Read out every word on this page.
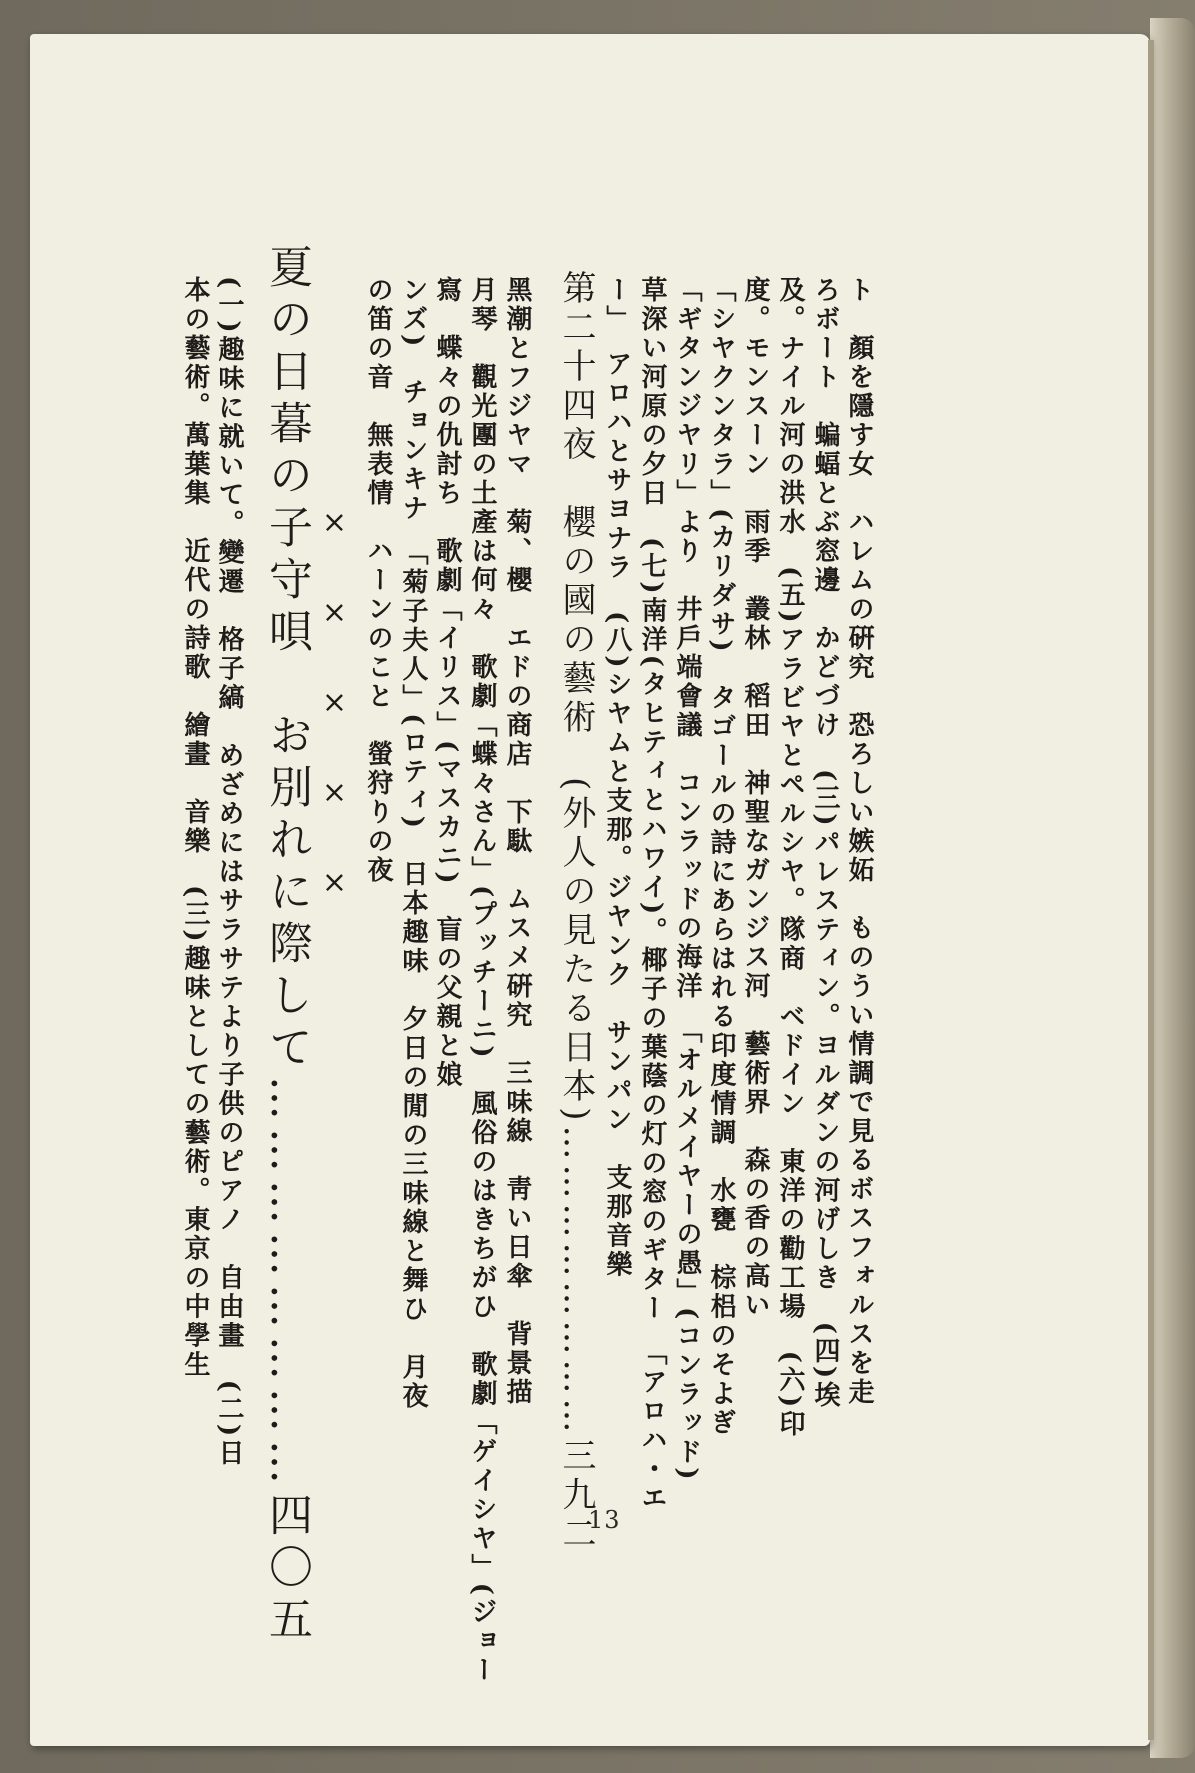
ト　顏を隱す女　ハレムの硏究　恐ろしい嫉妬　ものうい情調で見るボスフォルスを走
ろボート　蝙蝠とぶ窓邊　かどづけ　(三)パレスティン。ヨルダンの河げしき　(四)埃
及。ナイル河の洪水　(五)アラビヤとペルシヤ。隊商　ベドイン　東洋の勸工場　(六)印
度。モンスーン　雨季　叢林　稻田　神聖なガンジス河　藝術界　森の香の高い
「シヤクンタラ」(カリダサ)　タゴールの詩にあらはれる印度情調　水甕　棕梠のそよぎ
「ギタンジヤリ」より　井戶端會議　コンラッドの海洋　「オルメイヤーの愚」(コンラッド)
草深い河原の夕日　(七)南洋(タヒティとハワイ)。椰子の葉蔭の灯の窓のギター　「アロハ・エ
ー」　アロハとサヨナラ　(八)シヤムと支那。ジヤンク　サンパン　支那音樂
第二十四夜　櫻の國の藝術　(外人の見たる日本)……………………三九二
黑潮とフジヤマ　菊、櫻　エドの商店　下駄　ムスメ硏究　三味線　靑い日傘　背景描
月琴　觀光團の土產は何々　歌劇「蝶々さん」(プッチーニ)　風俗のはきちがひ　歌劇「ゲイシヤ」(ジョー
寫　蝶々の仇討ち　歌劇「イリス」(マスカニ)　盲の父親と娘
ンズ)　チョンキナ　「菊子夫人」(ロティ)　日本趣味　夕日の閒の三味線と舞ひ　月夜
の笛の音　無表情　ハーンのこと　螢狩りの夜
×××××
夏の日暮の子守唄　お別れに際して……………………四〇五
(一)趣味に就いて。變遷　格子縞　めざめにはサラサテより子供のピアノ　自由畫　(二)日
本の藝術。萬葉集　近代の詩歌　繪畫　音樂　(三)趣味としての藝術。東京の中學生
13
